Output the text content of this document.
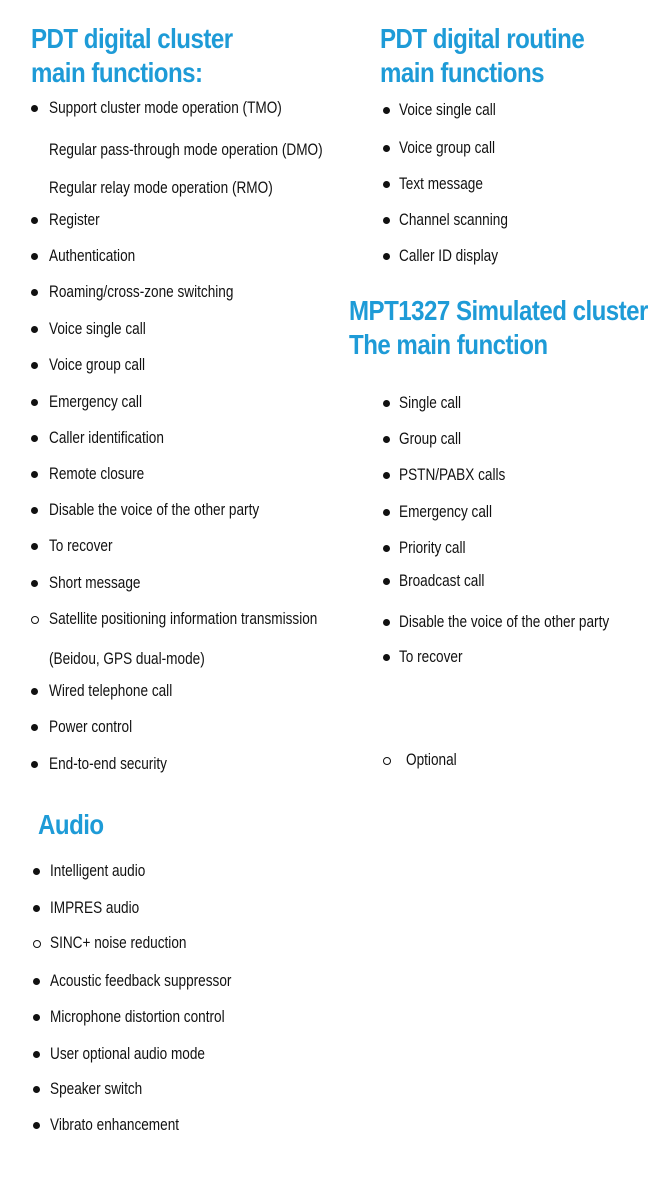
PDT digital cluster
main functions:

Support cluster mode operation (TMO)

Regular pass-through mode operation (DMO)

Regular relay mode operation (RMO)

Register

Authentication

Roaming/cross-zone switching

Voice single call

Voice group call

Emergency call

Caller identification

Remote closure

Disable the voice of the other party

To recover

Short message

Satellite positioning information transmission

(Beidou, GPS dual-mode)

Wired telephone call

Power control

End-to-end security

PDT digital routine
main functions

Voice single call

Voice group call

Text message

Channel scanning

Caller ID display

MPT1327 Simulated cluster
The main function

Single call

Group call

PSTN/PABX calls

Emergency call

Priority call

Broadcast call

Disable the voice of the other party

To recover

Audio

Intelligent audio

IMPRES audio

SINC+ noise reduction

Acoustic feedback suppressor

Microphone distortion control

User optional audio mode

Speaker switch

Vibrato enhancement

Optional
